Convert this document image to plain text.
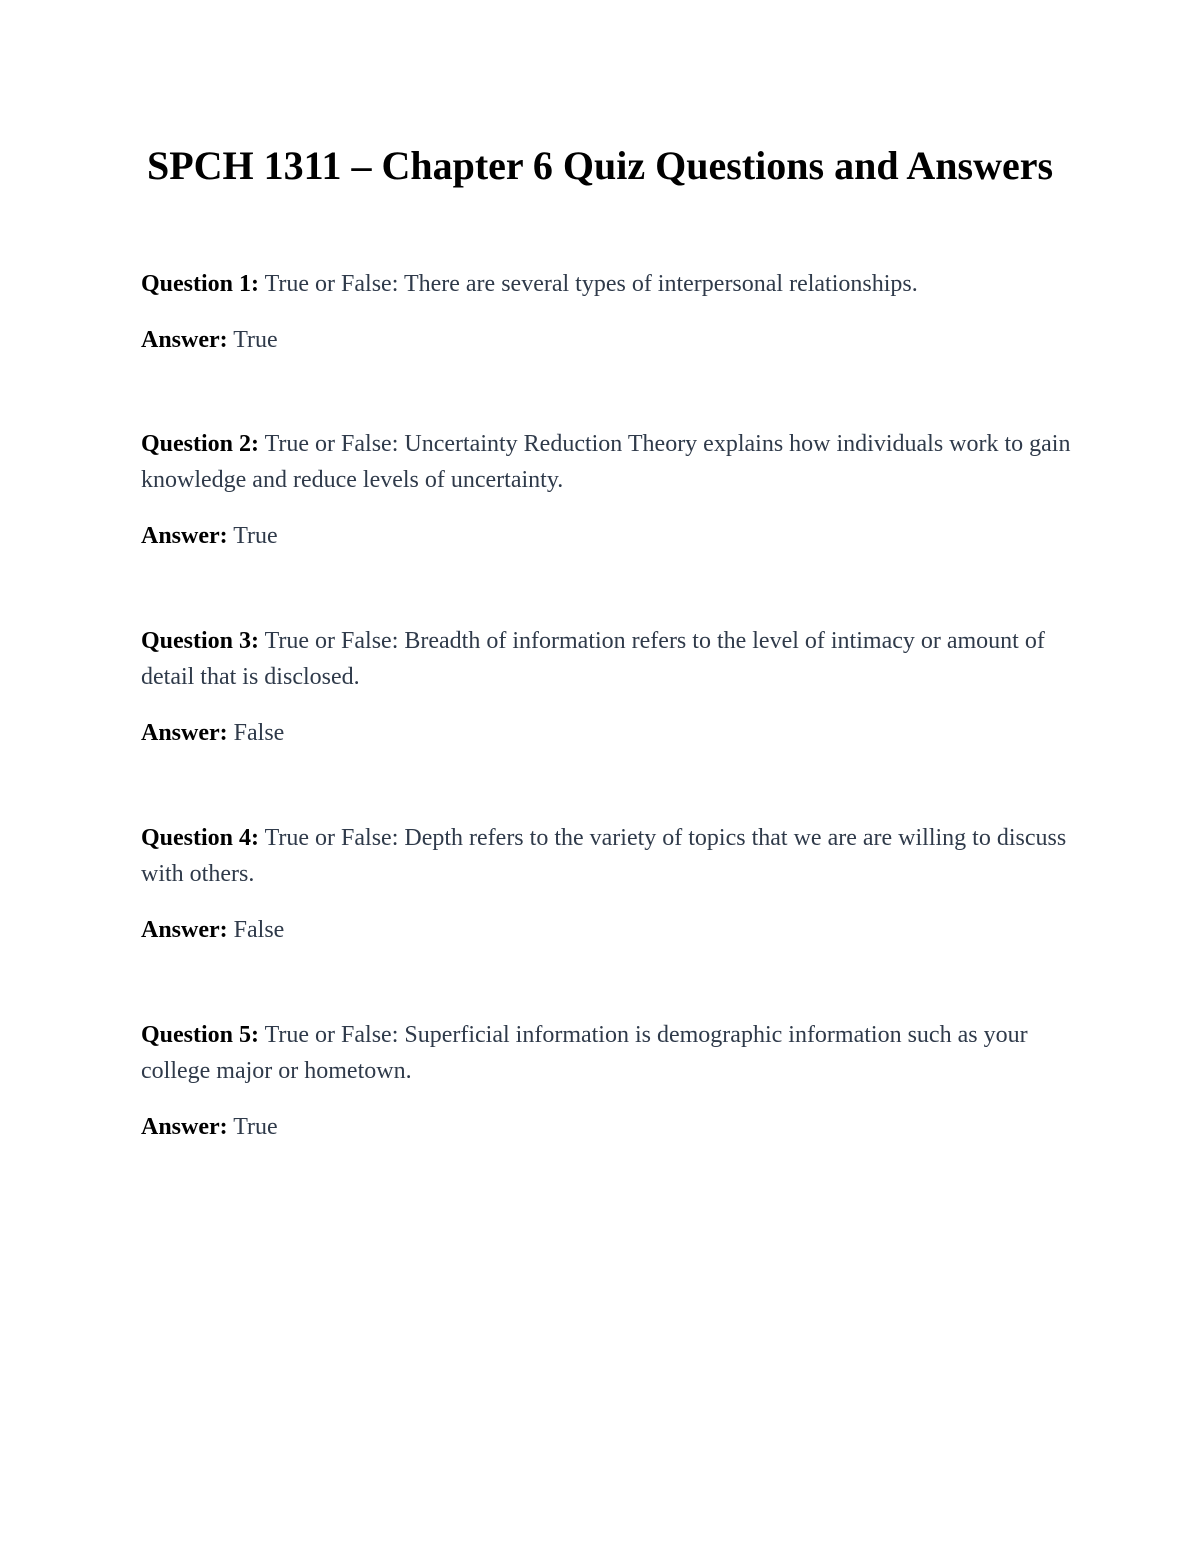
SPCH 1311 – Chapter 6 Quiz Questions and Answers

Question 1: True or False: There are several types of interpersonal relationships.

Answer: True

Question 2: True or False: Uncertainty Reduction Theory explains how individuals work to gain knowledge and reduce levels of uncertainty.

Answer: True

Question 3: True or False: Breadth of information refers to the level of intimacy or amount of detail that is disclosed.

Answer: False

Question 4: True or False: Depth refers to the variety of topics that we are are willing to discuss with others.

Answer: False

Question 5: True or False: Superficial information is demographic information such as your college major or hometown.

Answer: True
